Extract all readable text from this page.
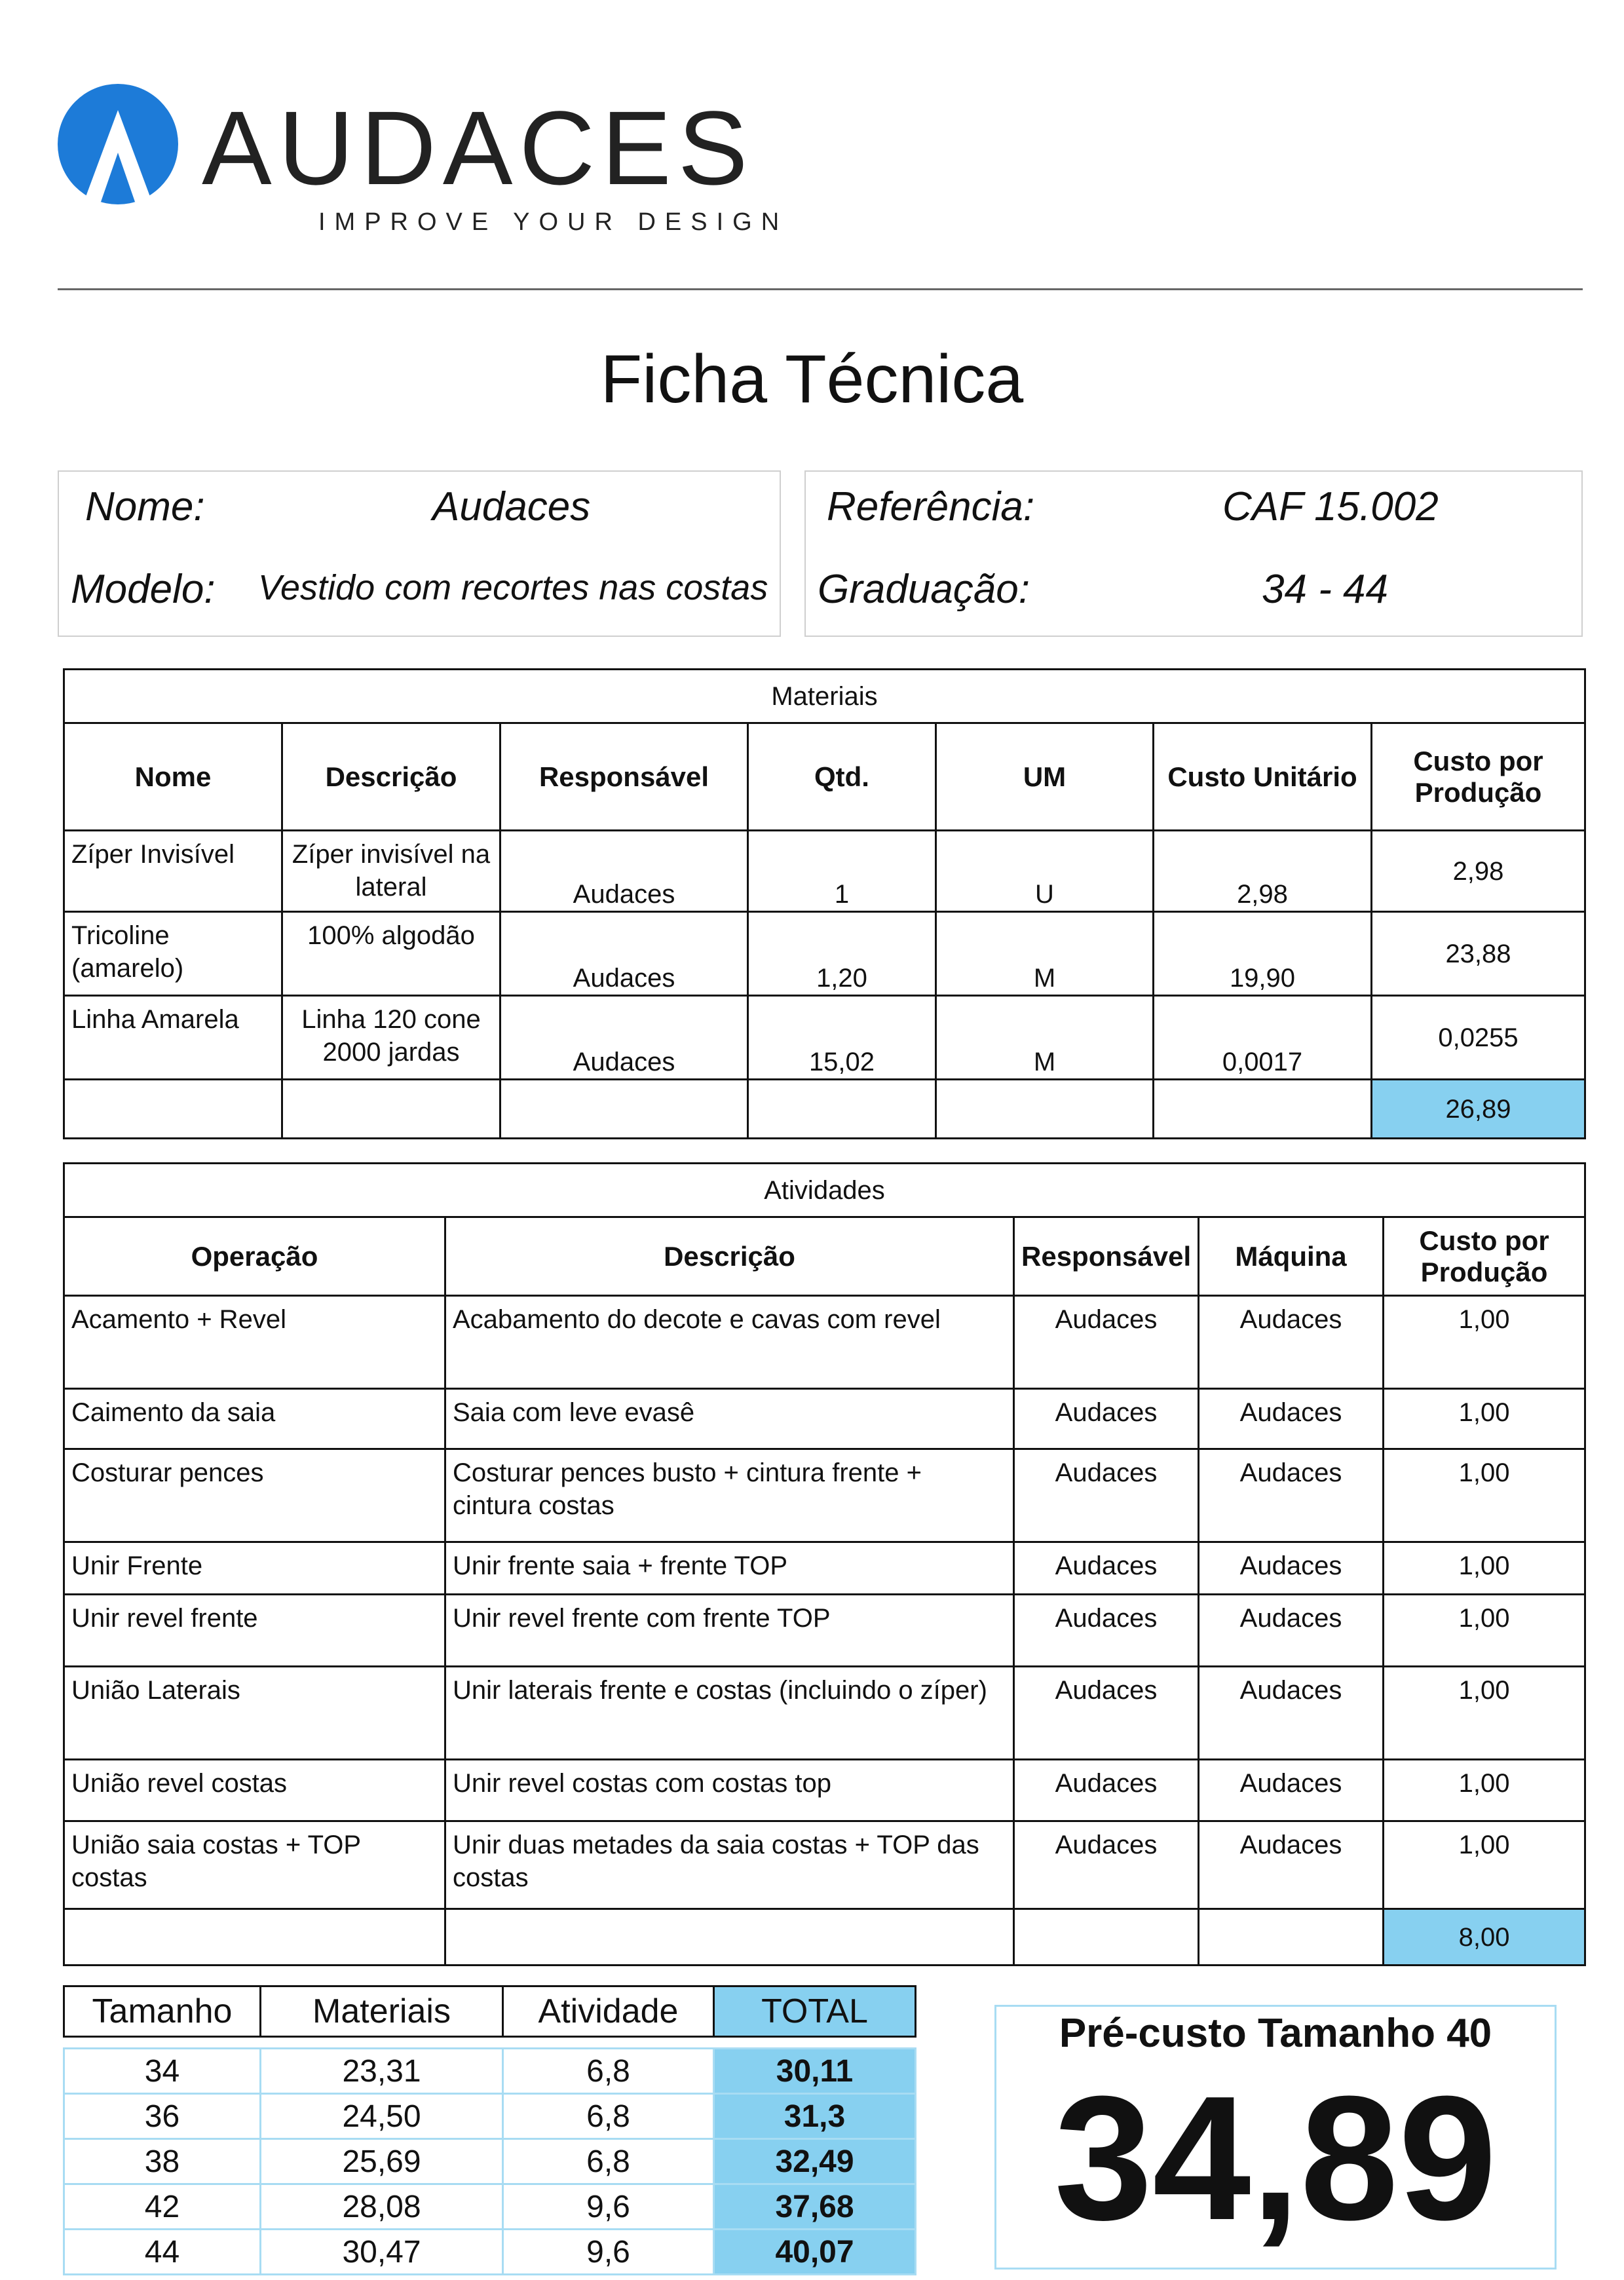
AUDACES
IMPROVE YOUR DESIGN
Ficha Técnica
Nome:	Audaces
Modelo: Vestido com recortes nas costas
Referência:	CAF 15.002
Graduação:	34 - 44
Materiais						
Nome	Descrição	Responsável	Qtd.	UM	Custo Unitário	Custo por Produção
Zíper Invisível	Zíper invisível na lateral	Audaces	1	U	2,98	2,98
Tricoline (amarelo)	100% algodão	Audaces	1,20	M	19,90	23,88
Linha Amarela	Linha 120 cone 2000 jardas	Audaces	15,02	M	0,0017	0,0255
						26,89
Atividades				
Operação	Descrição	Responsável	Máquina	Custo por Produção
Acamento + Revel	Acabamento do decote e cavas com revel	Audaces	Audaces	1,00
Caimento da saia	Saia com leve evasê	Audaces	Audaces	1,00
Costurar pences	Costurar pences busto + cintura frente + cintura costas	Audaces	Audaces	1,00
Unir Frente	Unir frente saia + frente TOP	Audaces	Audaces	1,00
Unir revel frente	Unir revel frente com frente TOP	Audaces	Audaces	1,00
União Laterais	Unir laterais frente e costas (incluindo o zíper)	Audaces	Audaces	1,00
União revel costas	Unir revel costas com costas top	Audaces	Audaces	1,00
União saia costas + TOP costas	Unir duas metades da saia costas + TOP das costas	Audaces	Audaces	1,00
				8,00
Tamanho	Materiais	Atividade	TOTAL

34	23,31	6,8	30,11
36	24,50	6,8	31,3
38	25,69	6,8	32,49
42	28,08	9,6	37,68
44	30,47	9,6	40,07
Pré-custo Tamanho 40
34,89
